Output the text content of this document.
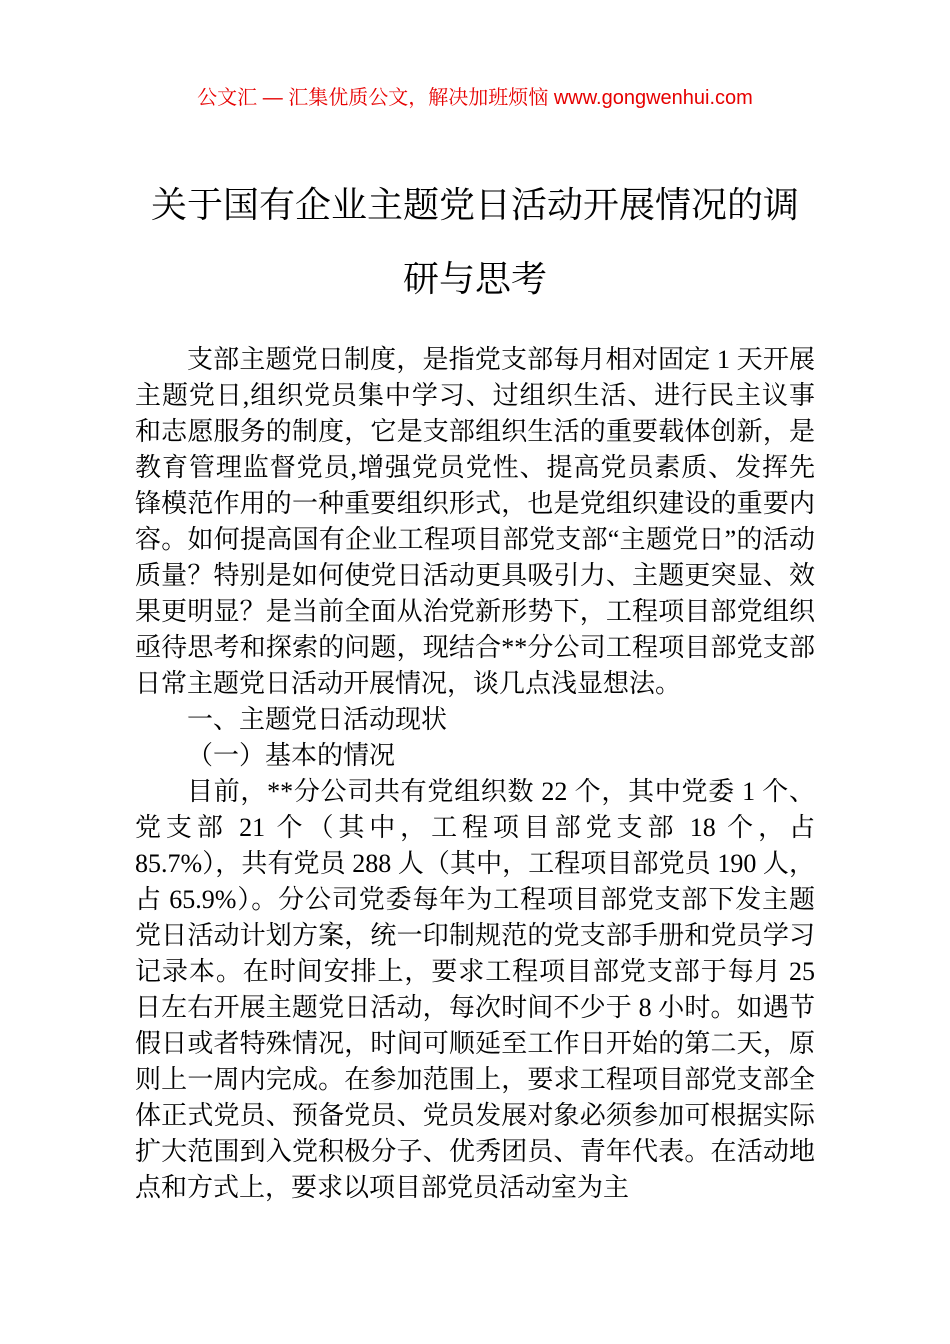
公文汇 — 汇集优质公文，解决加班烦恼 www.gongwenhui.com
关于国有企业主题党日活动开展情况的调研与思考

支部主题党日制度，是指党支部每月相对固定 1 天开展主题党日,组织党员集中学习、过组织生活、进行民主议事和志愿服务的制度，它是支部组织生活的重要载体创新，是教育管理监督党员,增强党员党性、提高党员素质、发挥先锋模范作用的一种重要组织形式，也是党组织建设的重要内容。如何提高国有企业工程项目部党支部“主题党日”的活动质量？特别是如何使党日活动更具吸引力、主题更突显、效果更明显？是当前全面从治党新形势下，工程项目部党组织亟待思考和探索的问题，现结合**分公司工程项目部党支部日常主题党日活动开展情况，谈几点浅显想法。

一、主题党日活动现状

（一）基本的情况

目前，**分公司共有党组织数 22 个，其中党委 1 个、党支部 21 个（其中，工程项目部党支部 18 个，占 85.7%），共有党员 288 人（其中，工程项目部党员 190 人，占 65.9%）。分公司党委每年为工程项目部党支部下发主题党日活动计划方案，统一印制规范的党支部手册和党员学习记录本。在时间安排上，要求工程项目部党支部于每月 25 日左右开展主题党日活动，每次时间不少于 8 小时。如遇节假日或者特殊情况，时间可顺延至工作日开始的第二天，原则上一周内完成。在参加范围上，要求工程项目部党支部全体正式党员、预备党员、党员发展对象必须参加可根据实际扩大范围到入党积极分子、优秀团员、青年代表。在活动地点和方式上，要求以项目部党员活动室为主
